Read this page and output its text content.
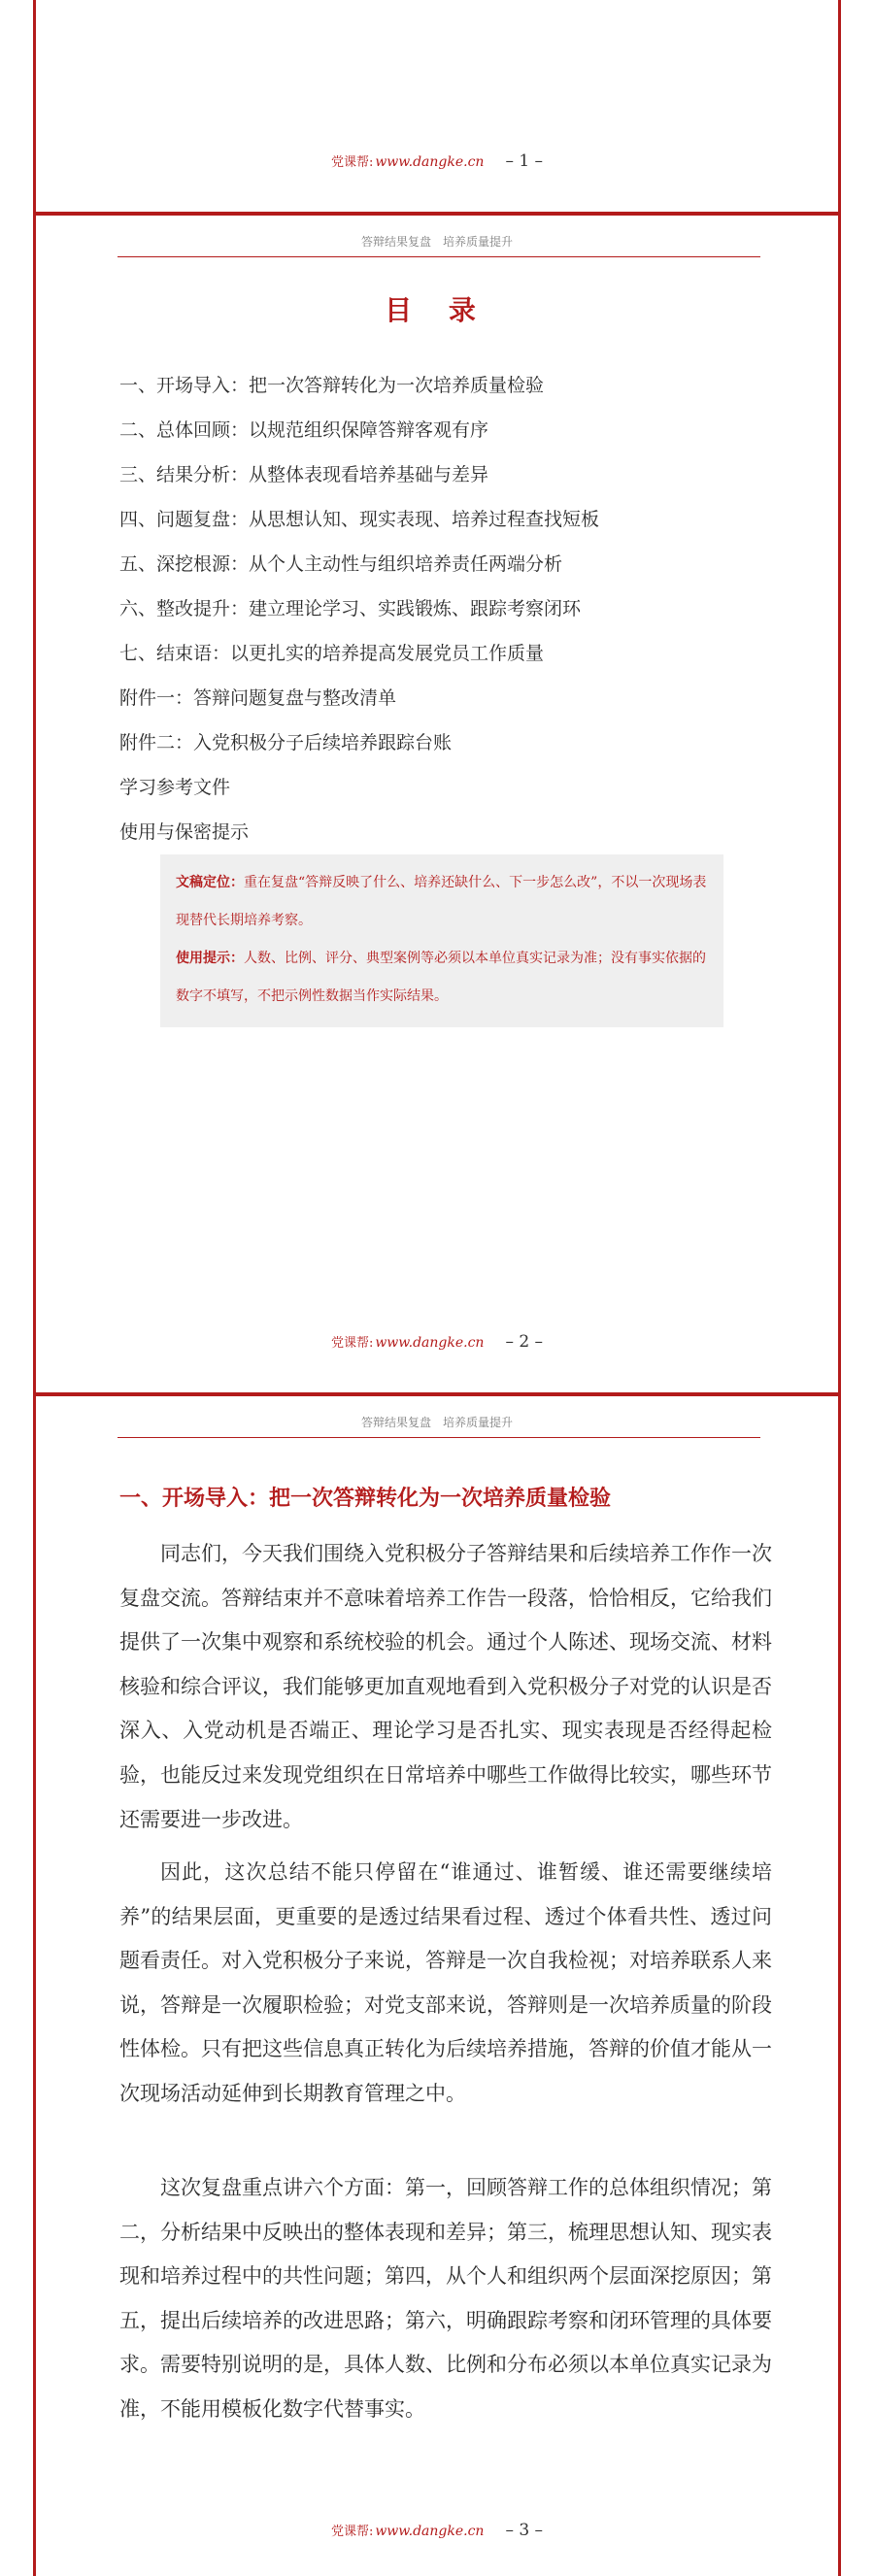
党课帮: www.dangke.cn – 1 –
答辩结果复盘　培养质量提升
目 录
一、开场导入：把一次答辩转化为一次培养质量检验
二、总体回顾：以规范组织保障答辩客观有序
三、结果分析：从整体表现看培养基础与差异
四、问题复盘：从思想认知、现实表现、培养过程查找短板
五、深挖根源：从个人主动性与组织培养责任两端分析
六、整改提升：建立理论学习、实践锻炼、跟踪考察闭环
七、结束语：以更扎实的培养提高发展党员工作质量
附件一：答辩问题复盘与整改清单
附件二：入党积极分子后续培养跟踪台账
学习参考文件
使用与保密提示

文稿定位：重在复盘“答辩反映了什么、培养还缺什么、下一步怎么改”，不以一次现场表现替代长期培养考察。

使用提示：人数、比例、评分、典型案例等必须以本单位真实记录为准；没有事实依据的数字不填写，不把示例性数据当作实际结果。

党课帮: www.dangke.cn – 2 –
答辩结果复盘　培养质量提升
一、开场导入：把一次答辩转化为一次培养质量检验

同志们，今天我们围绕入党积极分子答辩结果和后续培养工作作一次复盘交流。答辩结束并不意味着培养工作告一段落，恰恰相反，它给我们提供了一次集中观察和系统校验的机会。通过个人陈述、现场交流、材料核验和综合评议，我们能够更加直观地看到入党积极分子对党的认识是否深入、入党动机是否端正、理论学习是否扎实、现实表现是否经得起检验，也能反过来发现党组织在日常培养中哪些工作做得比较实，哪些环节还需要进一步改进。

因此，这次总结不能只停留在“谁通过、谁暂缓、谁还需要继续培养”的结果层面，更重要的是透过结果看过程、透过个体看共性、透过问题看责任。对入党积极分子来说，答辩是一次自我检视；对培养联系人来说，答辩是一次履职检验；对党支部来说，答辩则是一次培养质量的阶段性体检。只有把这些信息真正转化为后续培养措施，答辩的价值才能从一次现场活动延伸到长期教育管理之中。

这次复盘重点讲六个方面：第一，回顾答辩工作的总体组织情况；第二，分析结果中反映出的整体表现和差异；第三，梳理思想认知、现实表现和培养过程中的共性问题；第四，从个人和组织两个层面深挖原因；第五，提出后续培养的改进思路；第六，明确跟踪考察和闭环管理的具体要求。需要特别说明的是，具体人数、比例和分布必须以本单位真实记录为准，不能用模板化数字代替事实。

党课帮: www.dangke.cn – 3 –
